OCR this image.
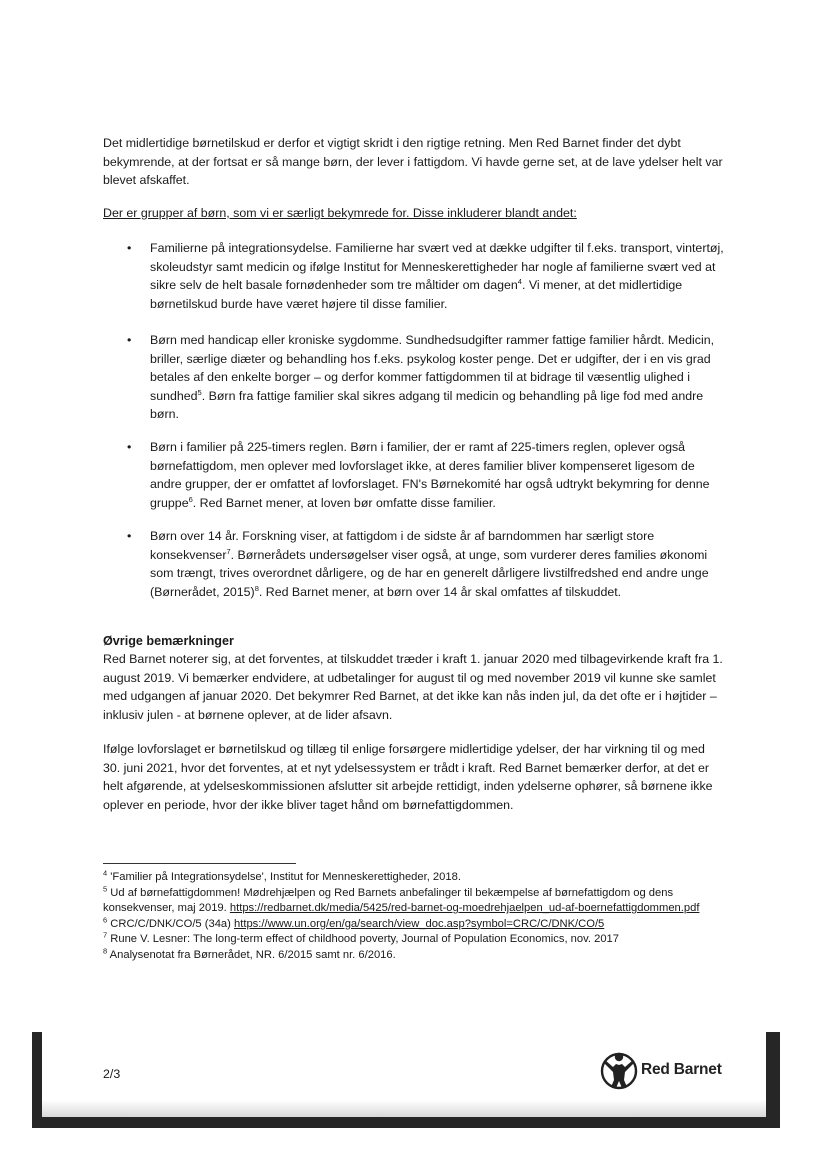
Det midlertidige børnetilskud er derfor et vigtigt skridt i den rigtige retning. Men Red Barnet finder det dybt bekymrende, at der fortsat er så mange børn, der lever i fattigdom. Vi havde gerne set, at de lave ydelser helt var blevet afskaffet.

Der er grupper af børn, som vi er særligt bekymrede for. Disse inkluderer blandt andet:

•	Familierne på integrationsydelse. Familierne har svært ved at dække udgifter til f.eks. transport, vintertøj, skoleudstyr samt medicin og ifølge Institut for Menneskerettigheder har nogle af familierne svært ved at sikre selv de helt basale fornødenheder som tre måltider om dagen$^4$. Vi mener, at det midlertidige børnetilskud burde have været højere til disse familier.
•	Børn med handicap eller kroniske sygdomme. Sundhedsudgifter rammer fattige familier hårdt. Medicin, briller, særlige diæter og behandling hos f.eks. psykolog koster penge. Det er udgifter, der i en vis grad betales af den enkelte borger – og derfor kommer fattigdommen til at bidrage til væsentlig ulighed i sundhed$^5$. Børn fra fattige familier skal sikres adgang til medicin og behandling på lige fod med andre børn.
•	Børn i familier på 225-timers reglen. Børn i familier, der er ramt af 225-timers reglen, oplever også børnefattigdom, men oplever med lovforslaget ikke, at deres familier bliver kompenseret ligesom de andre grupper, der er omfattet af lovforslaget. FN's Børnekomité har også udtrykt bekymring for denne gruppe$^6$. Red Barnet mener, at loven bør omfatte disse familier.
•	Børn over 14 år. Forskning viser, at fattigdom i de sidste år af barndommen har særligt store konsekvenser$^7$. Børnerådets undersøgelser viser også, at unge, som vurderer deres families økonomi som trængt, trives overordnet dårligere, og de har en generelt dårligere livstilfredshed end andre unge (Børnerådet, 2015)$^8$. Red Barnet mener, at børn over 14 år skal omfattes af tilskuddet.
Øvrige bemærkninger

Red Barnet noterer sig, at det forventes, at tilskuddet træder i kraft 1. januar 2020 med tilbagevirkende kraft fra 1. august 2019. Vi bemærker endvidere, at udbetalinger for august til og med november 2019 vil kunne ske samlet med udgangen af januar 2020. Det bekymrer Red Barnet, at det ikke kan nås inden jul, da det ofte er i højtider – inklusiv julen - at børnene oplever, at de lider afsavn.

Ifølge lovforslaget er børnetilskud og tillæg til enlige forsørgere midlertidige ydelser, der har virkning til og med 30. juni 2021, hvor det forventes, at et nyt ydelsessystem er trådt i kraft. Red Barnet bemærker derfor, at det er helt afgørende, at ydelseskommissionen afslutter sit arbejde rettidigt, inden ydelserne ophører, så børnene ikke oplever en periode, hvor der ikke bliver taget hånd om børnefattigdommen.

$^4$ 'Familier på Integrationsydelse', Institut for Menneskerettigheder, 2018.
$^5$ Ud af børnefattigdommen! Mødrehjælpen og Red Barnets anbefalinger til bekæmpelse af børnefattigdom og dens konsekvenser, maj 2019. https://redbarnet.dk/media/5425/red-barnet-og-moedrehjaelpen_ud-af-boernefattigdommen.pdf
$^6$ CRC/C/DNK/CO/5 (34a) https://www.un.org/en/ga/search/view_doc.asp?symbol=CRC/C/DNK/CO/5
$^7$ Rune V. Lesner: The long-term effect of childhood poverty, Journal of Population Economics, nov. 2017
$^8$ Analysenotat fra Børnerådet, NR. 6/2015 samt nr. 6/2016.
2/3	Red Barnet
